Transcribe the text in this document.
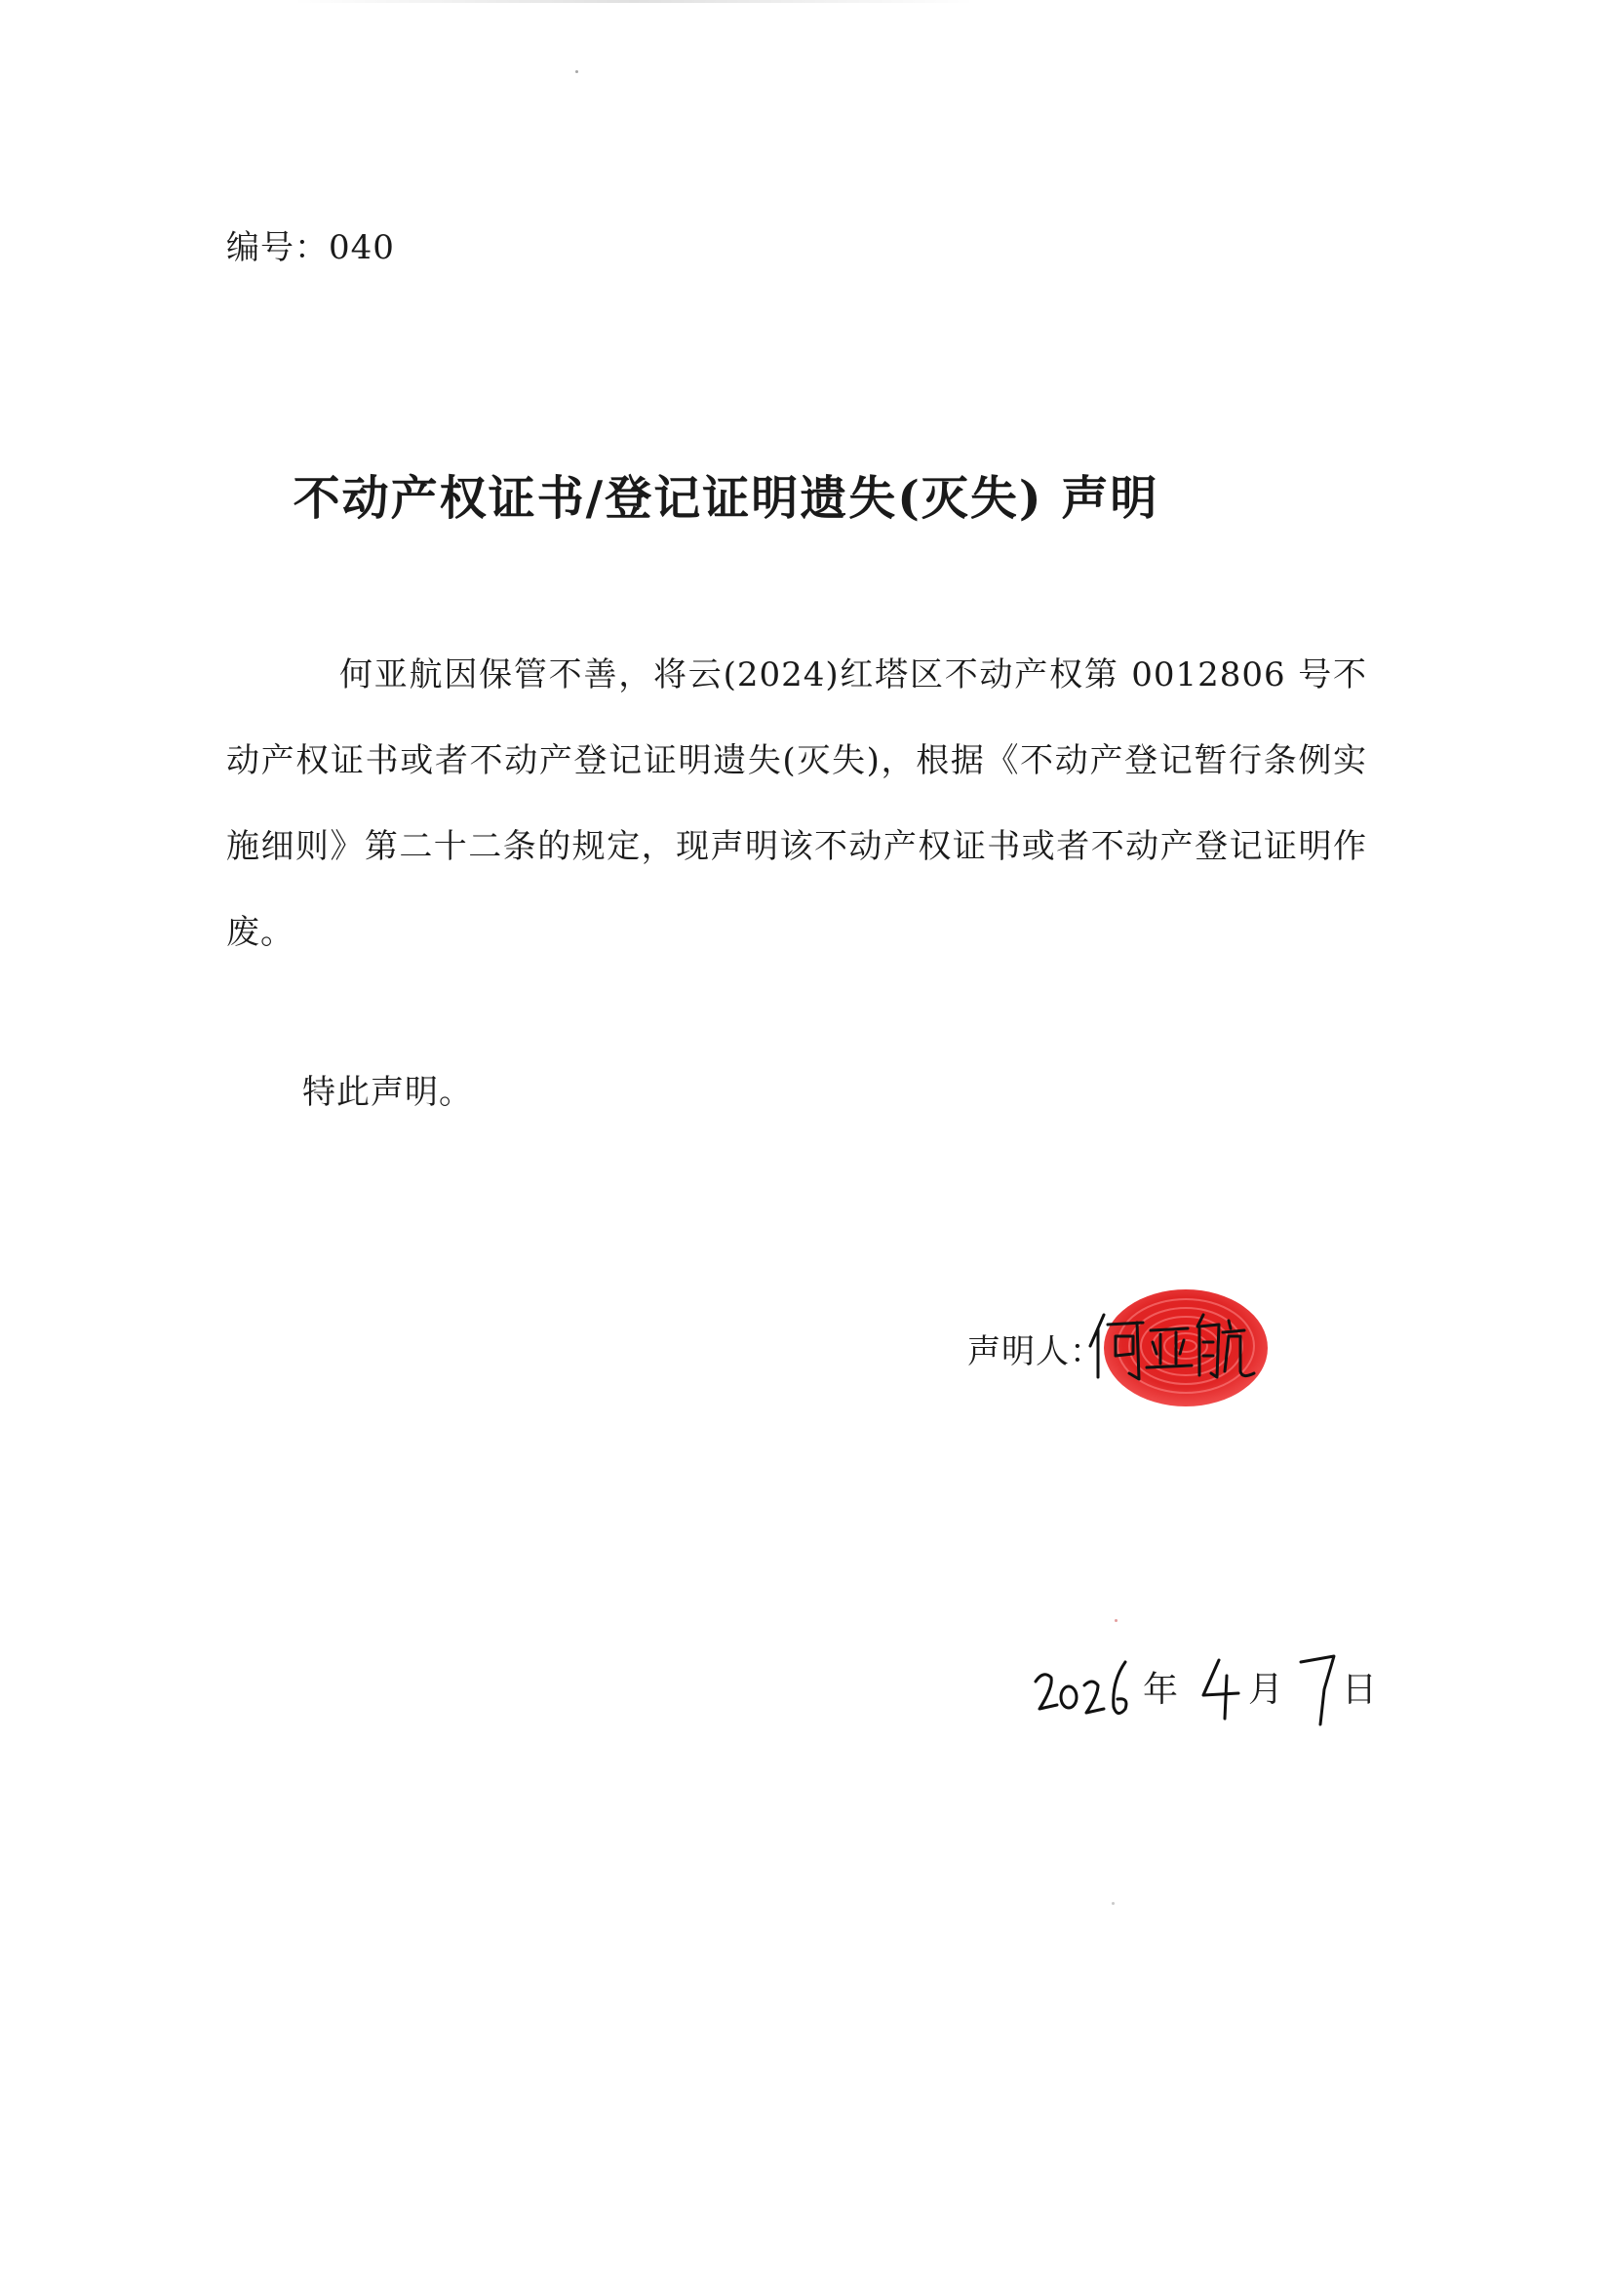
编号：040
不动产权证书/登记证明遗失(灭失) 声明
何亚航因保管不善，将云(2024)红塔区不动产权第 0012806 号不动产权证书或者不动产登记证明遗失(灭失)，根据《不动产登记暂行条例实施细则》第二十二条的规定，现声明该不动产权证书或者不动产登记证明作废。
特此声明。
声明人：
年 月 日
